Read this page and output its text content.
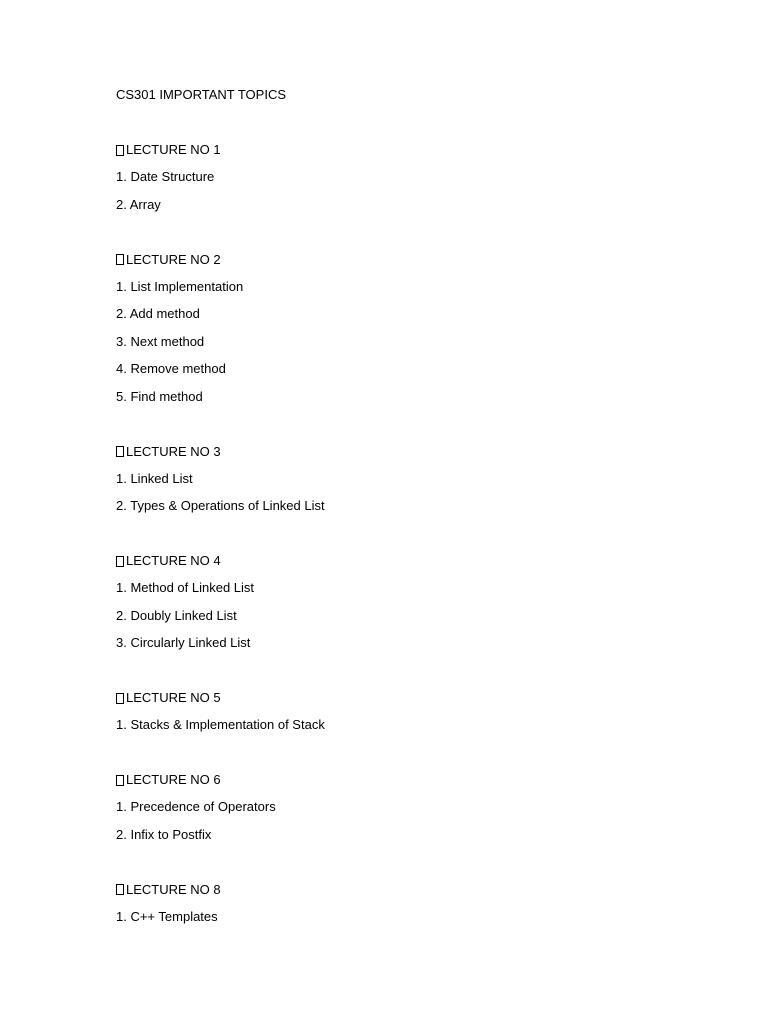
CS301 IMPORTANT TOPICS
LECTURE NO 1
1. Date Structure
2. Array
LECTURE NO 2
1. List Implementation
2. Add method
3. Next method
4. Remove method
5. Find method
LECTURE NO 3
1. Linked List
2. Types & Operations of Linked List
LECTURE NO 4
1. Method of Linked List
2. Doubly Linked List
3. Circularly Linked List
LECTURE NO 5
1. Stacks & Implementation of Stack
LECTURE NO 6
1. Precedence of Operators
2. Infix to Postfix
LECTURE NO 8
1. C++ Templates
